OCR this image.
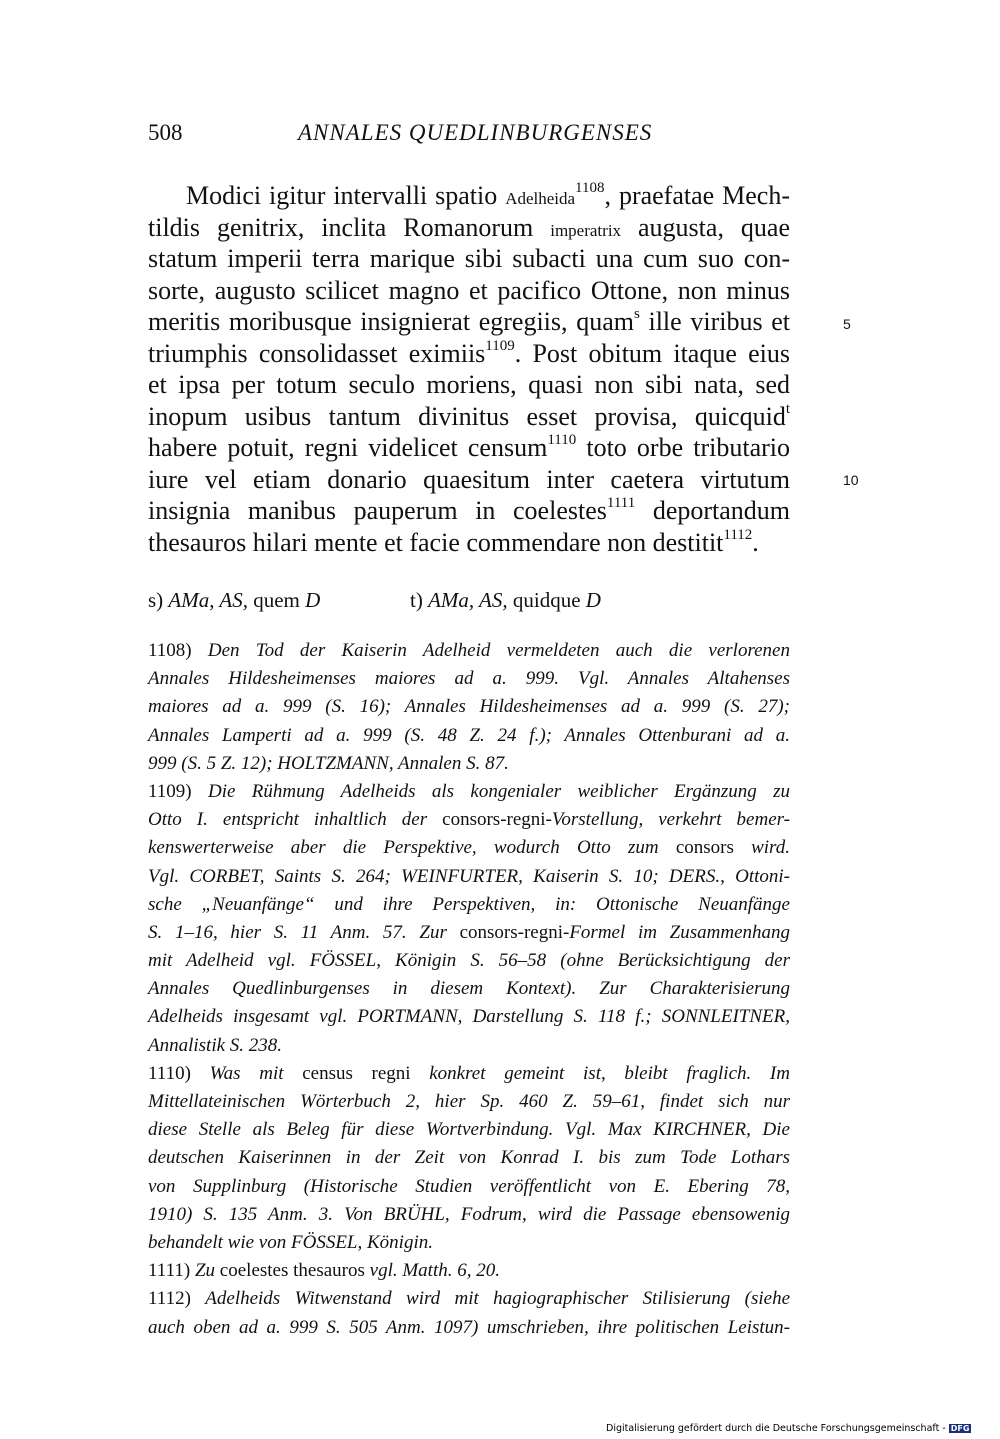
508	ANNALES QUEDLINBURGENSES
Modici igitur intervalli spatio Adelheida$^{1108}$, praefatae Mech-
tildis genitrix, inclita Romanorum imperatrix augusta, quae
statum imperii terra marique sibi subacti una cum suo con-
sorte, augusto scilicet magno et pacifico Ottone, non minus
meritis moribusque insignierat egregiis, quam$^s$ ille viribus et
triumphis consolidasset eximiis$^{1109}$. Post obitum itaque eius
et ipsa per totum seculo moriens, quasi non sibi nata, sed
inopum usibus tantum divinitus esset provisa, quicquid$^t$
habere potuit, regni videlicet censum$^{1110}$ toto orbe tributario
iure vel etiam donario quaesitum inter caetera virtutum
insignia manibus pauperum in coelestes$^{1111}$ deportandum
thesauros hilari mente et facie commendare non destitit$^{1112}$.
5
10
s) AMa, AS, quem D	t) AMa, AS, quidque D
1108) Den Tod der Kaiserin Adelheid vermeldeten auch die verlorenen
Annales Hildesheimenses maiores ad a. 999. Vgl. Annales Altahenses
maiores ad a. 999 (S. 16); Annales Hildesheimenses ad a. 999 (S. 27);
Annales Lamperti ad a. 999 (S. 48 Z. 24 f.); Annales Ottenburani ad a.
999 (S. 5 Z. 12); HOLTZMANN, Annalen S. 87.
1109) Die Rühmung Adelheids als kongenialer weiblicher Ergänzung zu
Otto I. entspricht inhaltlich der consors-regni-Vorstellung, verkehrt bemer-
kenswerterweise aber die Perspektive, wodurch Otto zum consors wird.
Vgl. CORBET, Saints S. 264; WEINFURTER, Kaiserin S. 10; DERS., Ottoni-
sche „Neuanfänge“ und ihre Perspektiven, in: Ottonische Neuanfänge
S. 1–16, hier S. 11 Anm. 57. Zur consors-regni-Formel im Zusammenhang
mit Adelheid vgl. FÖSSEL, Königin S. 56–58 (ohne Berücksichtigung der
Annales Quedlinburgenses in diesem Kontext). Zur Charakterisierung
Adelheids insgesamt vgl. PORTMANN, Darstellung S. 118 f.; SONNLEITNER,
Annalistik S. 238.
1110) Was mit census regni konkret gemeint ist, bleibt fraglich. Im
Mittellateinischen Wörterbuch 2, hier Sp. 460 Z. 59–61, findet sich nur
diese Stelle als Beleg für diese Wortverbindung. Vgl. Max KIRCHNER, Die
deutschen Kaiserinnen in der Zeit von Konrad I. bis zum Tode Lothars
von Supplinburg (Historische Studien veröffentlicht von E. Ebering 78,
1910) S. 135 Anm. 3. Von BRÜHL, Fodrum, wird die Passage ebensowenig
behandelt wie von FÖSSEL, Königin.
1111) Zu coelestes thesauros vgl. Matth. 6, 20.
1112) Adelheids Witwenstand wird mit hagiographischer Stilisierung (siehe
auch oben ad a. 999 S. 505 Anm. 1097) umschrieben, ihre politischen Leistun-
Digitalisierung gefördert durch die Deutsche Forschungsgemeinschaft - DFG
